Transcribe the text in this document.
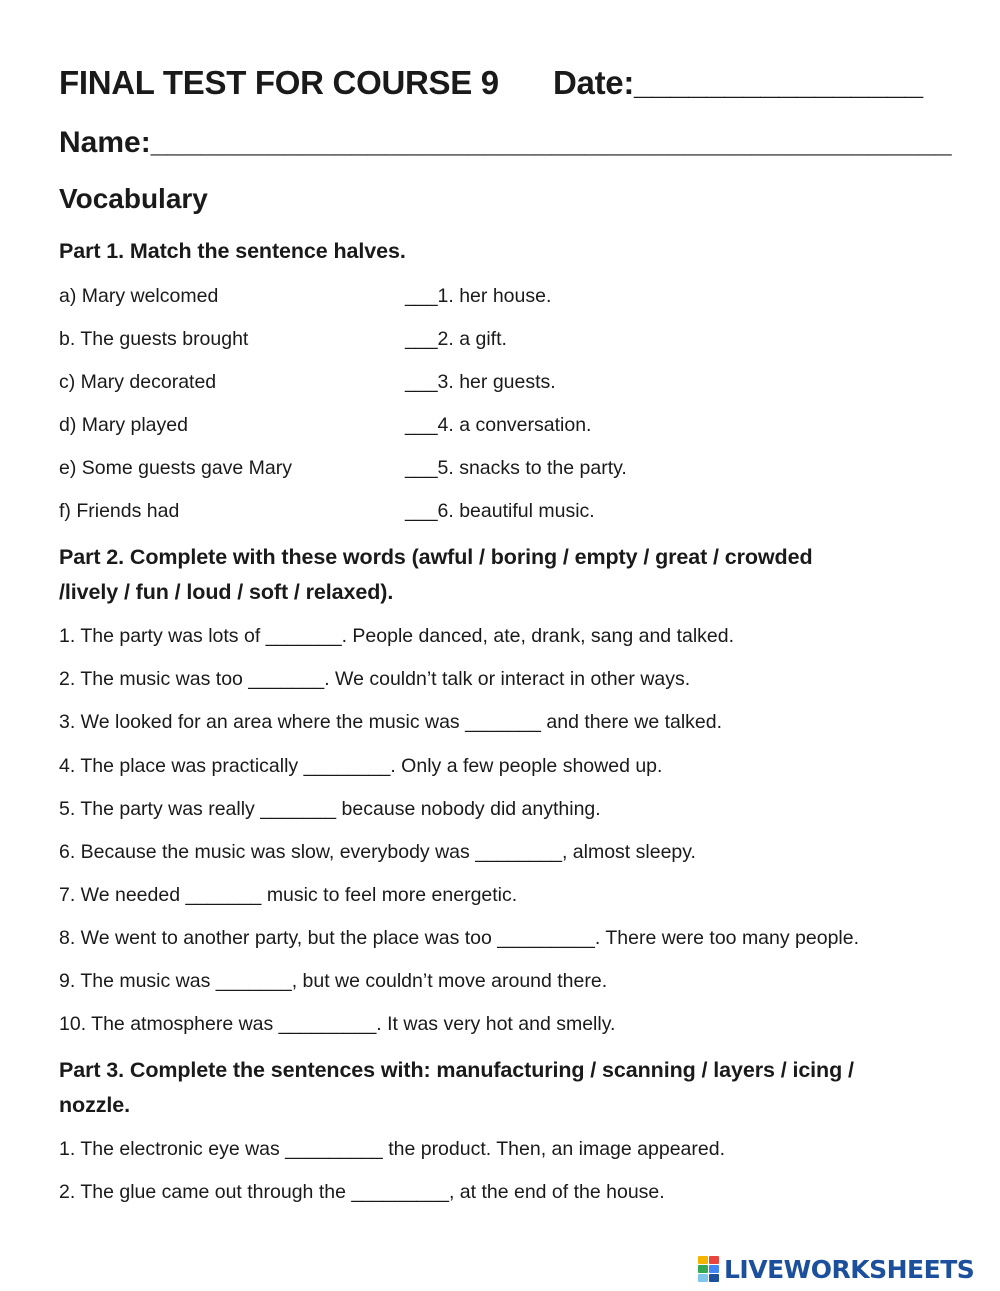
FINAL TEST FOR COURSE 9 Date:________________
Name:________________________________________________
Vocabulary
Part 1. Match the sentence halves.
a) Mary welcomed
b. The guests brought
c) Mary decorated
d) Mary played
e) Some guests gave Mary
f) Friends had
___1. her house.
___2. a gift.
___3. her guests.
___4. a conversation.
___5. snacks to the party.
___6. beautiful music.
Part 2. Complete with these words (awful / boring / empty / great / crowded
/lively / fun / loud / soft / relaxed).
1. The party was lots of _______. People danced, ate, drank, sang and talked.
2. The music was too _______. We couldn’t talk or interact in other ways.
3. We looked for an area where the music was _______ and there we talked.
4. The place was practically ________. Only a few people showed up.
5. The party was really _______ because nobody did anything.
6. Because the music was slow, everybody was ________, almost sleepy.
7. We needed _______ music to feel more energetic.
8. We went to another party, but the place was too _________. There were too many people.
9. The music was _______, but we couldn’t move around there.
10. The atmosphere was _________. It was very hot and smelly.
Part 3. Complete the sentences with: manufacturing / scanning / layers / icing /
nozzle.
1. The electronic eye was _________ the product. Then, an image appeared.
2. The glue came out through the _________, at the end of the house.
LIVEWORKSHEETS
